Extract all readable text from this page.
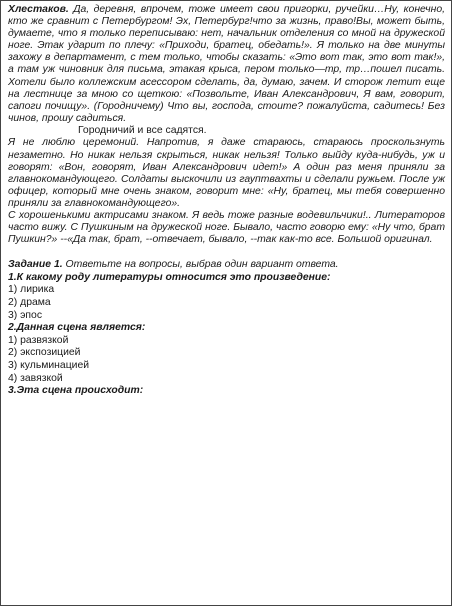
Хлестаков. Да, деревня, впрочем, тоже имеет свои пригорки, ручейки…Ну, конечно, кто же сравнит с Петербургом! Эх, Петербург!что за жизнь, право!Вы, может быть, думаете, что я только переписываю: нет, начальник отделения со мной на дружеской ноге. Этак ударит по плечу: «Приходи, братец, обедать!». Я только на две минуты захожу в департамент, с тем только, чтобы сказать: «Это вот так, это вот так!», а там уж чиновник для письма, этакая крыса, пером только—тр, тр…пошел писать. Хотели было коллежским асессором сделать, да, думаю, зачем. И сторож летит еще на лестнице за мною со щеткою: «Позвольте, Иван Александрович, Я вам, говорит, сапоги почищу». (Городничему) Что вы, господа, стоите? пожалуйста, садитесь! Без чинов, прошу садиться.

Городничий и все садятся.

Я не люблю церемоний. Напротив, я даже стараюсь, стараюсь проскользнуть незаметно. Но никак нельзя скрыться, никак нельзя! Только выйду куда-нибудь, уж и говорят: «Вон, говорят, Иван Александрович идет!» А один раз меня приняли за главнокомандующего. Солдаты выскочили из гауптвахты и сделали ружьем. После уж офицер, который мне очень знаком, говорит мне: «Ну, братец, мы тебя совершенно приняли за главнокомандующего».

С хорошенькими актрисами знаком. Я ведь тоже разные водевильчики!.. Литераторов часто вижу. С Пушкиным на дружеской ноге. Бывало, часто говорю ему: «Ну что, брат Пушкин?» --«Да так, брат, --отвечает, бывало, --так как-то все. Большой оригинал.

Задание 1. Ответьте на вопросы, выбрав один вариант ответа.

1.К какому роду литературы относится это произведение:

1) лирика

2) драма

3) эпос

2.Данная сцена является:

1) развязкой

2) экспозицией

3) кульминацией

4) завязкой

3.Эта сцена происходит:
